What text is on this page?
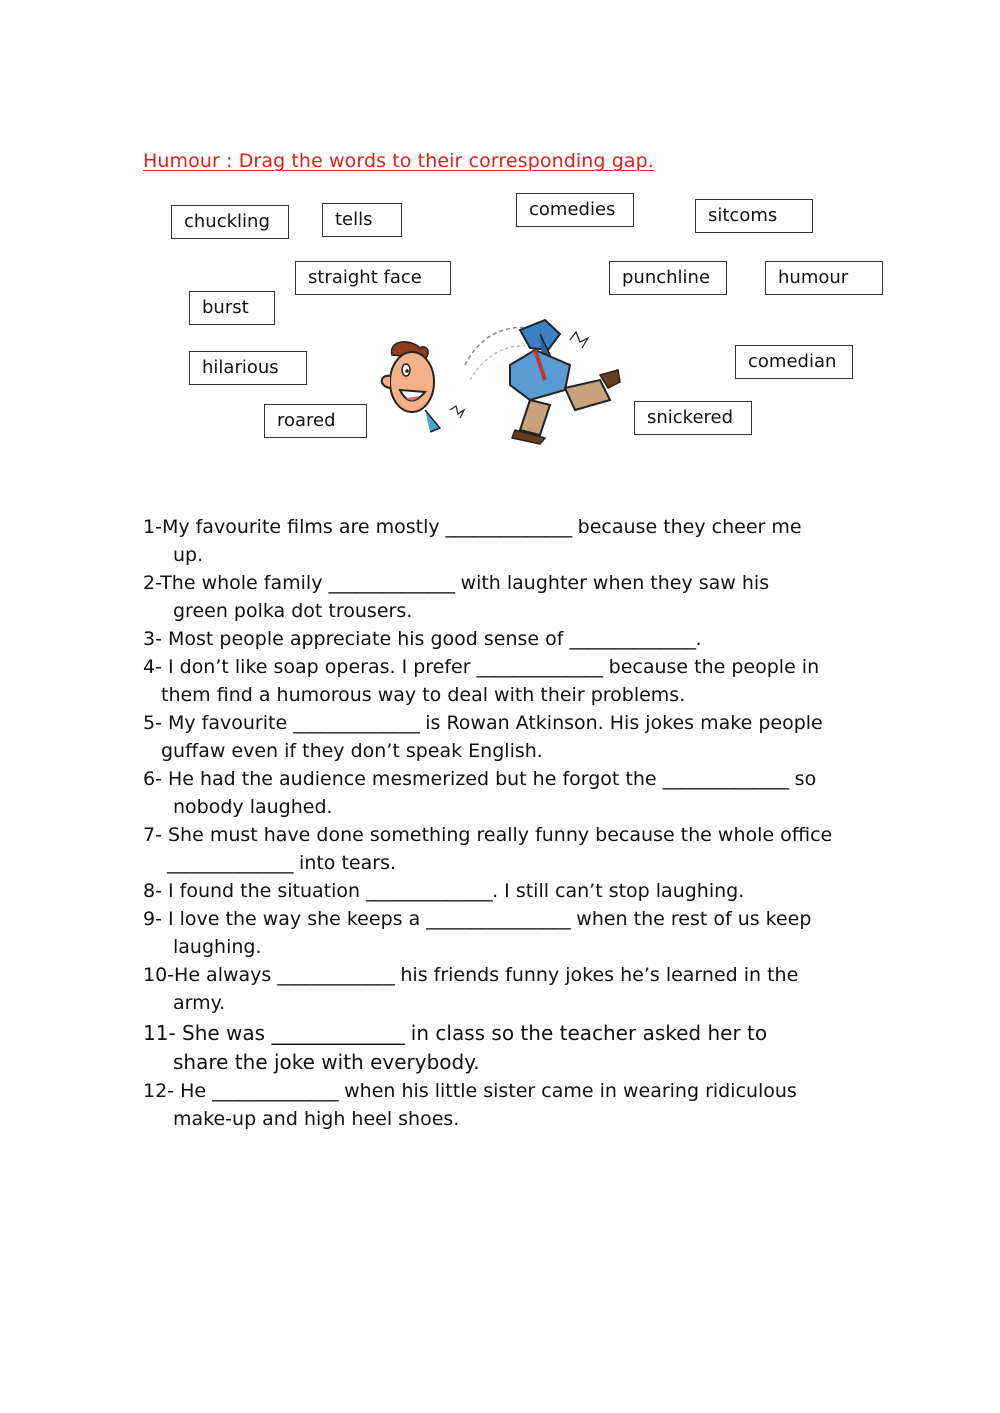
Humour : Drag the words to their corresponding gap.
chuckling	tells	comedies	sitcoms
straight face	punchline	humour
burst
hilarious	comedian
roared	snickered
1-My favourite films are mostly ______________ because they cheer me
up.
2-The whole family ______________ with laughter when they saw his
green polka dot trousers.
3- Most people appreciate his good sense of ______________.
4- I don’t like soap operas. I prefer ______________ because the people in
them find a humorous way to deal with their problems.
5- My favourite ______________ is Rowan Atkinson. His jokes make people
guffaw even if they don’t speak English.
6- He had the audience mesmerized but he forgot the ______________ so
nobody laughed.
7- She must have done something really funny because the whole office
______________ into tears.
8- I found the situation ______________. I still can’t stop laughing.
9- I love the way she keeps a ________________ when the rest of us keep
laughing.
10-He always _____________ his friends funny jokes he’s learned in the
army.
11- She was ______________ in class so the teacher asked her to
share the joke with everybody.
12- He ______________ when his little sister came in wearing ridiculous
make-up and high heel shoes.
